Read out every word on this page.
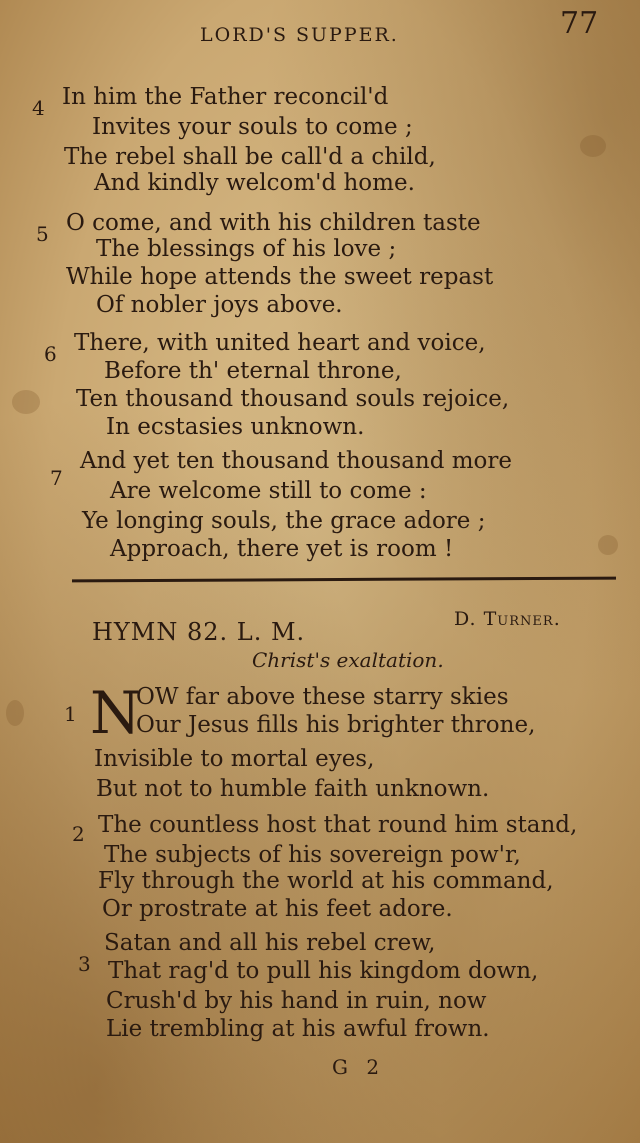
LORD'S SUPPER.	77
4 In him the Father reconcil'd
Invites your souls to come ;
The rebel shall be call'd a child,
And kindly welcom'd home.
5 O come, and with his children taste
The blessings of his love ;
While hope attends the sweet repast
Of nobler joys above.
6 There, with united heart and voice,
Before th' eternal throne,
Ten thousand thousand souls rejoice,
In ecstasies unknown.
7
And yet ten thousand thousand more
Are welcome still to come :
Ye longing souls, the grace adore ;
Approach, there yet is room !
HYMN 82. L. M.	D. Turner.
Christ's exaltation.
1 N
OW far above these starry skies
Our Jesus fills his brighter throne,
Invisible to mortal eyes,
But not to humble faith unknown.
2 The countless host that round him stand,
The subjects of his sovereign pow'r,
Fly through the world at his command,
Or prostrate at his feet adore.
3
Satan and all his rebel crew,
That rag'd to pull his kingdom down,
Crush'd by his hand in ruin, now
Lie trembling at his awful frown.
G 2
